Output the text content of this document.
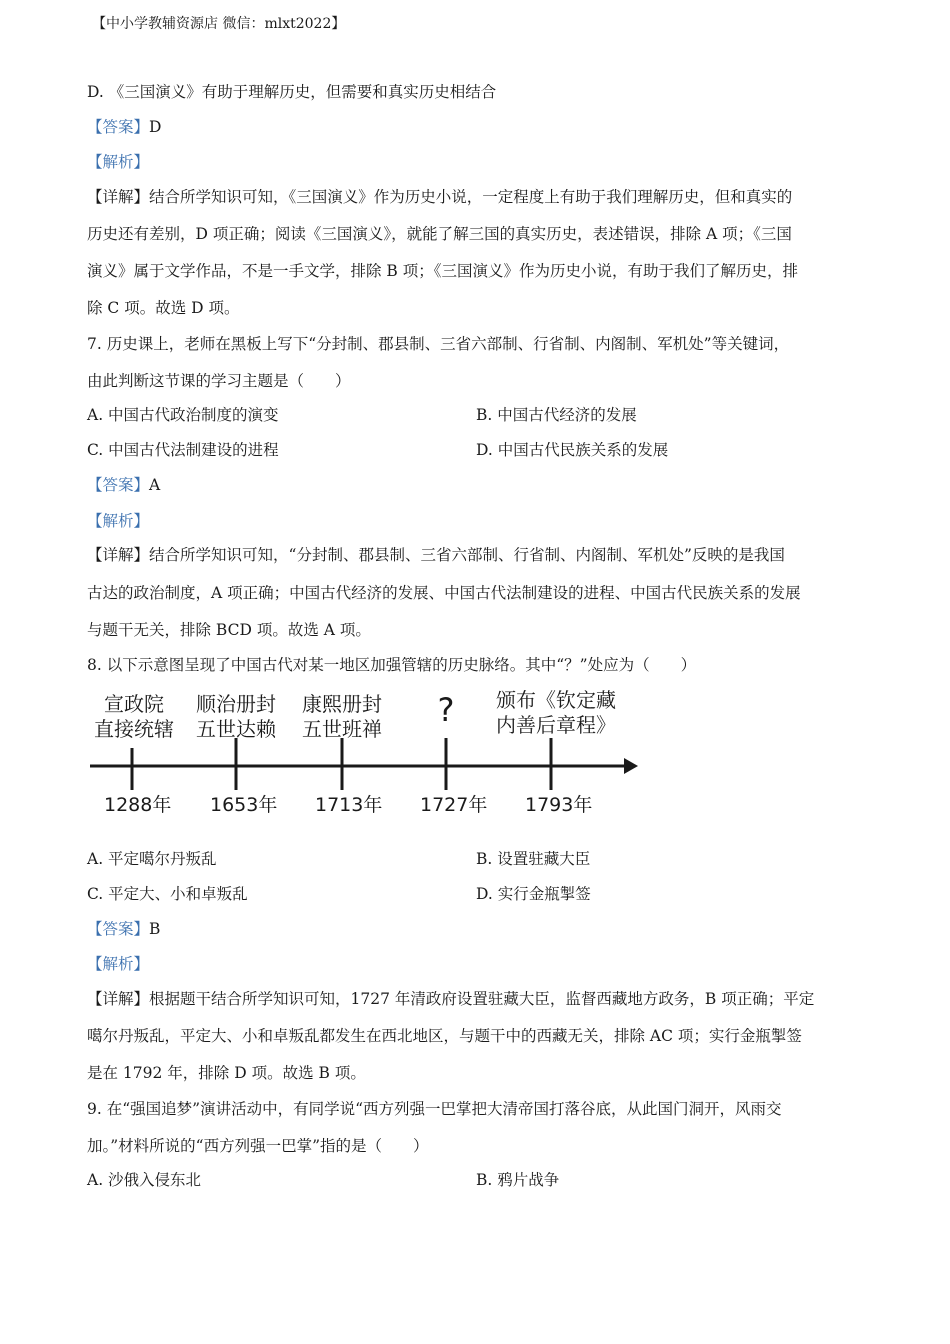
【中小学教辅资源店 微信：mlxt2022】
D. 《三国演义》有助于理解历史，但需要和真实历史相结合
【答案】D
【解析】
【详解】结合所学知识可知，《三国演义》作为历史小说，一定程度上有助于我们理解历史，但和真实的
历史还有差别，D 项正确；阅读《三国演义》，就能了解三国的真实历史，表述错误，排除 A 项；《三国
演义》属于文学作品，不是一手文学，排除 B 项；《三国演义》作为历史小说，有助于我们了解历史，排
除 C 项。故选 D 项。
7. 历史课上，老师在黑板上写下“分封制、郡县制、三省六部制、行省制、内阁制、军机处”等关键词，
由此判断这节课的学习主题是（　　）
A. 中国古代政治制度的演变	B. 中国古代经济的发展
C. 中国古代法制建设的进程	D. 中国古代民族关系的发展
【答案】A
【解析】
【详解】结合所学知识可知，“分封制、郡县制、三省六部制、行省制、内阁制、军机处”反映的是我国
古达的政治制度，A 项正确；中国古代经济的发展、中国古代法制建设的进程、中国古代民族关系的发展
与题干无关，排除 BCD 项。故选 A 项。
8. 以下示意图呈现了中国古代对某一地区加强管辖的历史脉络。其中“？”处应为（　　）
宣政院
直接统辖
顺治册封
五世达赖
康熙册封
五世班禅	?	颁布《钦定藏
内善后章程》
1288年 1653年 1713年 1727年 1793年
A. 平定噶尔丹叛乱	B. 设置驻藏大臣
C. 平定大、小和卓叛乱	D. 实行金瓶掣签
【答案】B
【解析】
【详解】根据题干结合所学知识可知，1727 年清政府设置驻藏大臣，监督西藏地方政务，B 项正确；平定
噶尔丹叛乱，平定大、小和卓叛乱都发生在西北地区，与题干中的西藏无关，排除 AC 项；实行金瓶掣签
是在 1792 年，排除 D 项。故选 B 项。
9. 在“强国追梦”演讲活动中，有同学说“西方列强一巴掌把大清帝国打落谷底，从此国门洞开，风雨交
加。”材料所说的“西方列强一巴掌”指的是（　　）
A. 沙俄入侵东北	B. 鸦片战争
